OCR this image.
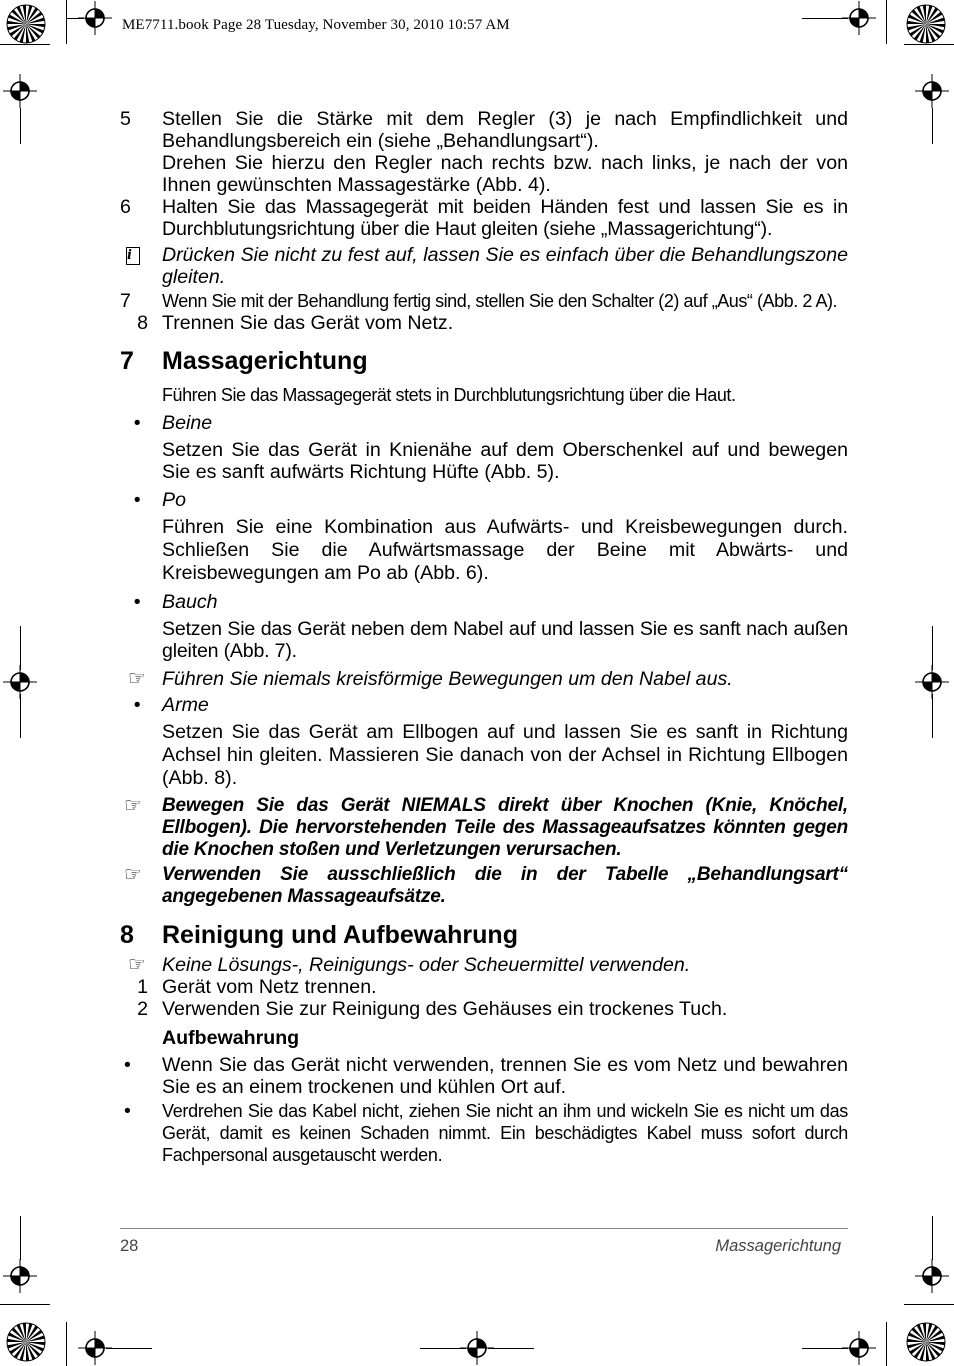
ME7711.book Page 28 Tuesday, November 30, 2010 10:57 AM
5	Stellen Sie die Stärke mit dem Regler (3) je nach Empfindlichkeit und Behandlungsbereich ein (siehe „Behandlungsart“).
Drehen Sie hierzu den Regler nach rechts bzw. nach links, je nach der von Ihnen gewünschten Massagestärke (Abb. 4).
6	Halten Sie das Massagegerät mit beiden Händen fest und lassen Sie es in Durchblutungsrichtung über die Haut gleiten (siehe „Massagerichtung“).
i	Drücken Sie nicht zu fest auf, lassen Sie es einfach über die Behandlungszone gleiten.
7	Wenn Sie mit der Behandlung fertig sind, stellen Sie den Schalter (2) auf „Aus“ (Abb. 2 A).
8 Trennen Sie das Gerät vom Netz.
7 Massagerichtung
Führen Sie das Massagegerät stets in Durchblutungsrichtung über die Haut.
•	Beine
Setzen Sie das Gerät in Knienähe auf dem Oberschenkel auf und bewegen Sie es sanft aufwärts Richtung Hüfte (Abb. 5).
•	Po
Führen Sie eine Kombination aus Aufwärts- und Kreisbewegungen durch. Schließen Sie die Aufwärtsmassage der Beine mit Abwärts- und Kreisbewegungen am Po ab (Abb. 6).
•	Bauch
Setzen Sie das Gerät neben dem Nabel auf und lassen Sie es sanft nach außen gleiten (Abb. 7).
☞ Führen Sie niemals kreisförmige Bewegungen um den Nabel aus.
•	Arme
Setzen Sie das Gerät am Ellbogen auf und lassen Sie es sanft in Richtung Achsel hin gleiten. Massieren Sie danach von der Achsel in Richtung Ellbogen (Abb. 8).
☞	Bewegen Sie das Gerät NIEMALS direkt über Knochen (Knie, Knöchel, Ellbogen). Die hervorstehenden Teile des Massageaufsatzes könnten gegen die Knochen stoßen und Verletzungen verursachen.
☞	Verwenden Sie ausschließlich die in der Tabelle „Behandlungsart“ angegebenen Massageaufsätze.
8 Reinigung und Aufbewahrung
☞ Keine Lösungs-, Reinigungs- oder Scheuermittel verwenden.
1 Gerät vom Netz trennen.
2 Verwenden Sie zur Reinigung des Gehäuses ein trockenes Tuch.
Aufbewahrung
•	Wenn Sie das Gerät nicht verwenden, trennen Sie es vom Netz und bewahren Sie es an einem trockenen und kühlen Ort auf.
•	Verdrehen Sie das Kabel nicht, ziehen Sie nicht an ihm und wickeln Sie es nicht um das Gerät, damit es keinen Schaden nimmt. Ein beschädigtes Kabel muss sofort durch Fachpersonal ausgetauscht werden.
28	Massagerichtung
